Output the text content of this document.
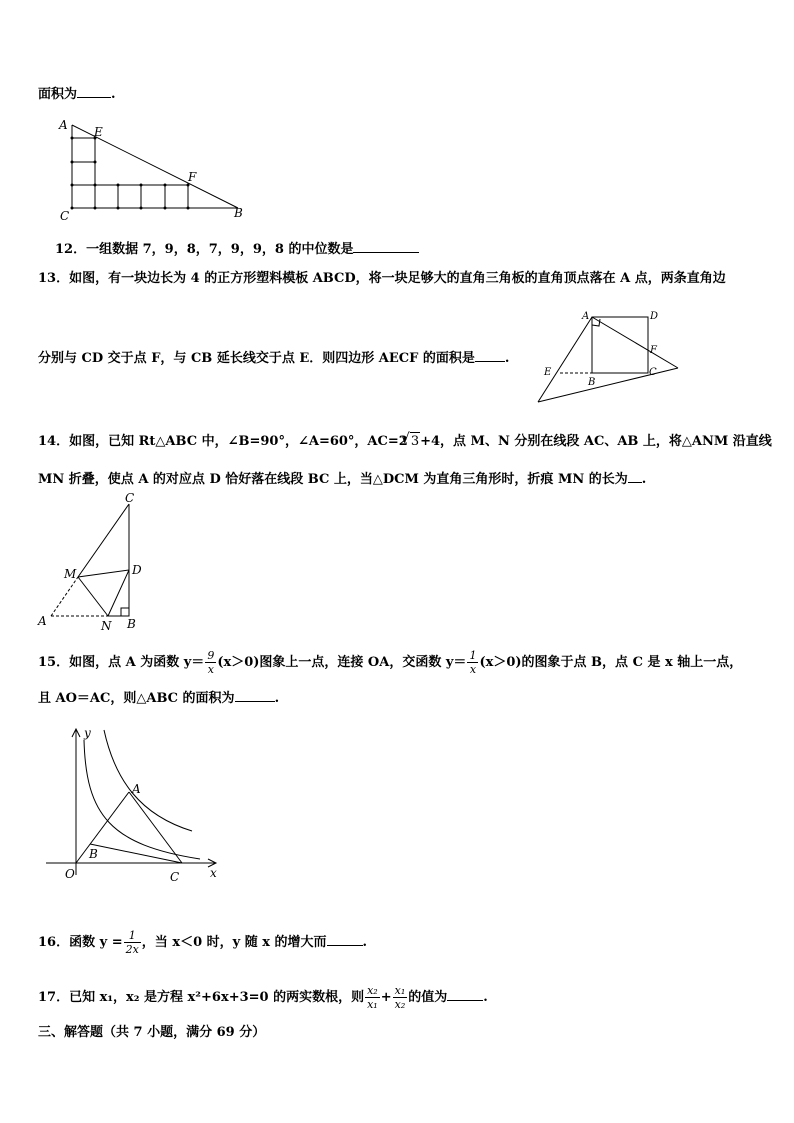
面积为	.
A E
F
C	B
12．一组数据 7，9，8，7，9，9，8 的中位数是
13．如图，有一块边长为 4 的正方形塑料模板 ABCD，将一块足够大的直角三角板的直角顶点落在 A 点，两条直角边
分别与 CD 交于点 F，与 CB 延长线交于点 E．则四边形 AECF 的面积是 .
A	D
F
E
B
C
14．如图，已知 Rt△ABC 中，∠B=90°，∠A=60°，AC=2√ 3+4，点 M、N 分别在线段 AC、AB 上，将△ANM 沿直线
MN 折叠，使点 A 的对应点 D 恰好落在线段 BC 上，当△DCM 为直角三角形时，折痕 MN 的长为 .
C
M	D
A	N B
15．如图，点 A 为函数 $y= \frac{9}{x} (x>0)$图象上一点，连接 OA，交函数 $y= \frac{1}{x} (x>0)$的图象于点 B，点 C 是 x 轴上一点，
且 AO＝AC，则△ABC 的面积为	.
y
A
B
O	C	x
16．函数 $y = \frac{1}{2x}$ ，当 x＜0 时，y 随 x 的增大而	.
17．已知 x₁，x₂ 是方程 x²+6x+3=0 的两实数根，则 $\frac{\text{x₂}}{\text{x₁}} + \frac{\text{x₁}}{\text{x₂}}$ 的值为	.
三、解答题（共 7 小题，满分 69 分）
